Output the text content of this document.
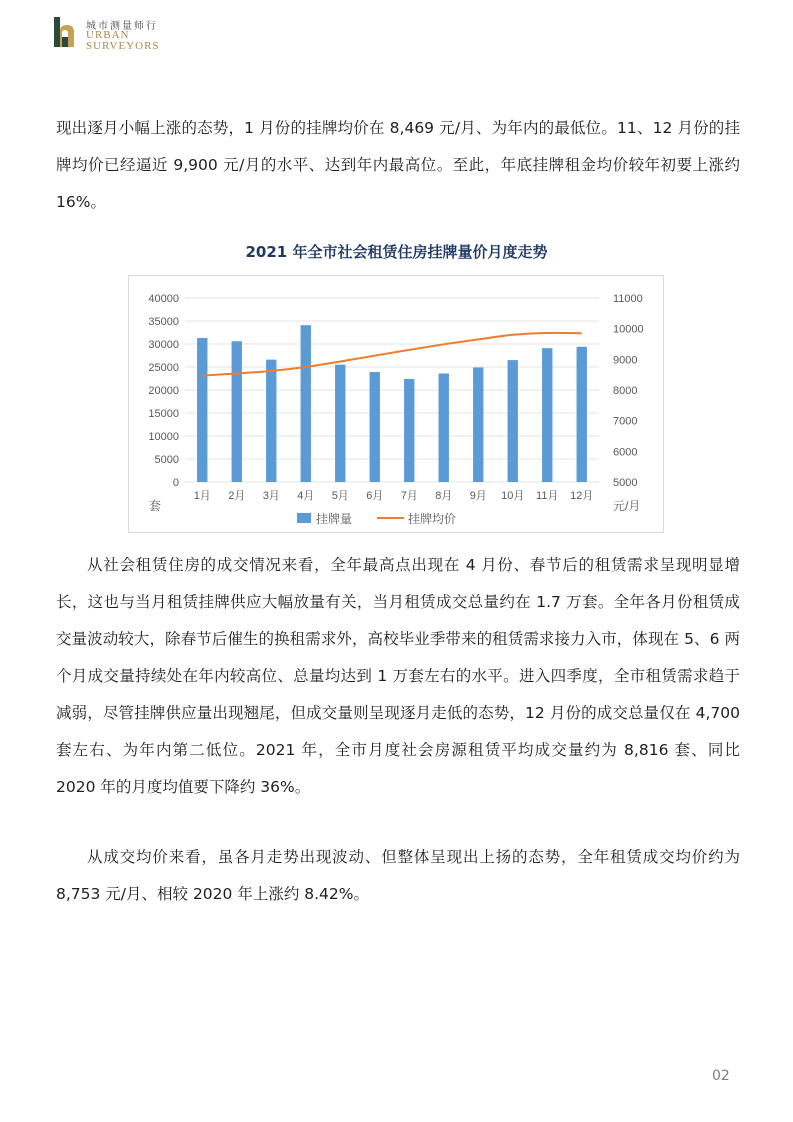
城市测量师行
URBAN
SURVEYORS

现出逐月小幅上涨的态势，1 月份的挂牌均价在 8,469 元/月、为年内的最低位。11、12 月份的挂牌均价已经逼近 9,900 元/月的水平、达到年内最高位。至此，年底挂牌租金均价较年初要上涨约 16%。

2021 年全市社会租赁住房挂牌量价月度走势
0
5000
10000
15000
20000
25000
30000
35000
40000
5000
6000
7000
8000
9000
10000
11000
1月 2月 3月 4月 5月 6月 7月 8月 9月 10月 11月 12月
套	元/月
挂牌量	挂牌均价

从社会租赁住房的成交情况来看，全年最高点出现在 4 月份、春节后的租赁需求呈现明显增长，这也与当月租赁挂牌供应大幅放量有关，当月租赁成交总量约在 1.7 万套。全年各月份租赁成交量波动较大，除春节后催生的换租需求外，高校毕业季带来的租赁需求接力入市，体现在 5、6 两个月成交量持续处在年内较高位、总量均达到 1 万套左右的水平。进入四季度，全市租赁需求趋于减弱，尽管挂牌供应量出现翘尾，但成交量则呈现逐月走低的态势，12 月份的成交总量仅在 4,700 套左右、为年内第二低位。2021 年，全市月度社会房源租赁平均成交量约为 8,816 套、同比 2020 年的月度均值要下降约 36%。

从成交均价来看，虽各月走势出现波动、但整体呈现出上扬的态势，全年租赁成交均价约为 8,753 元/月、相较 2020 年上涨约 8.42%。

02
